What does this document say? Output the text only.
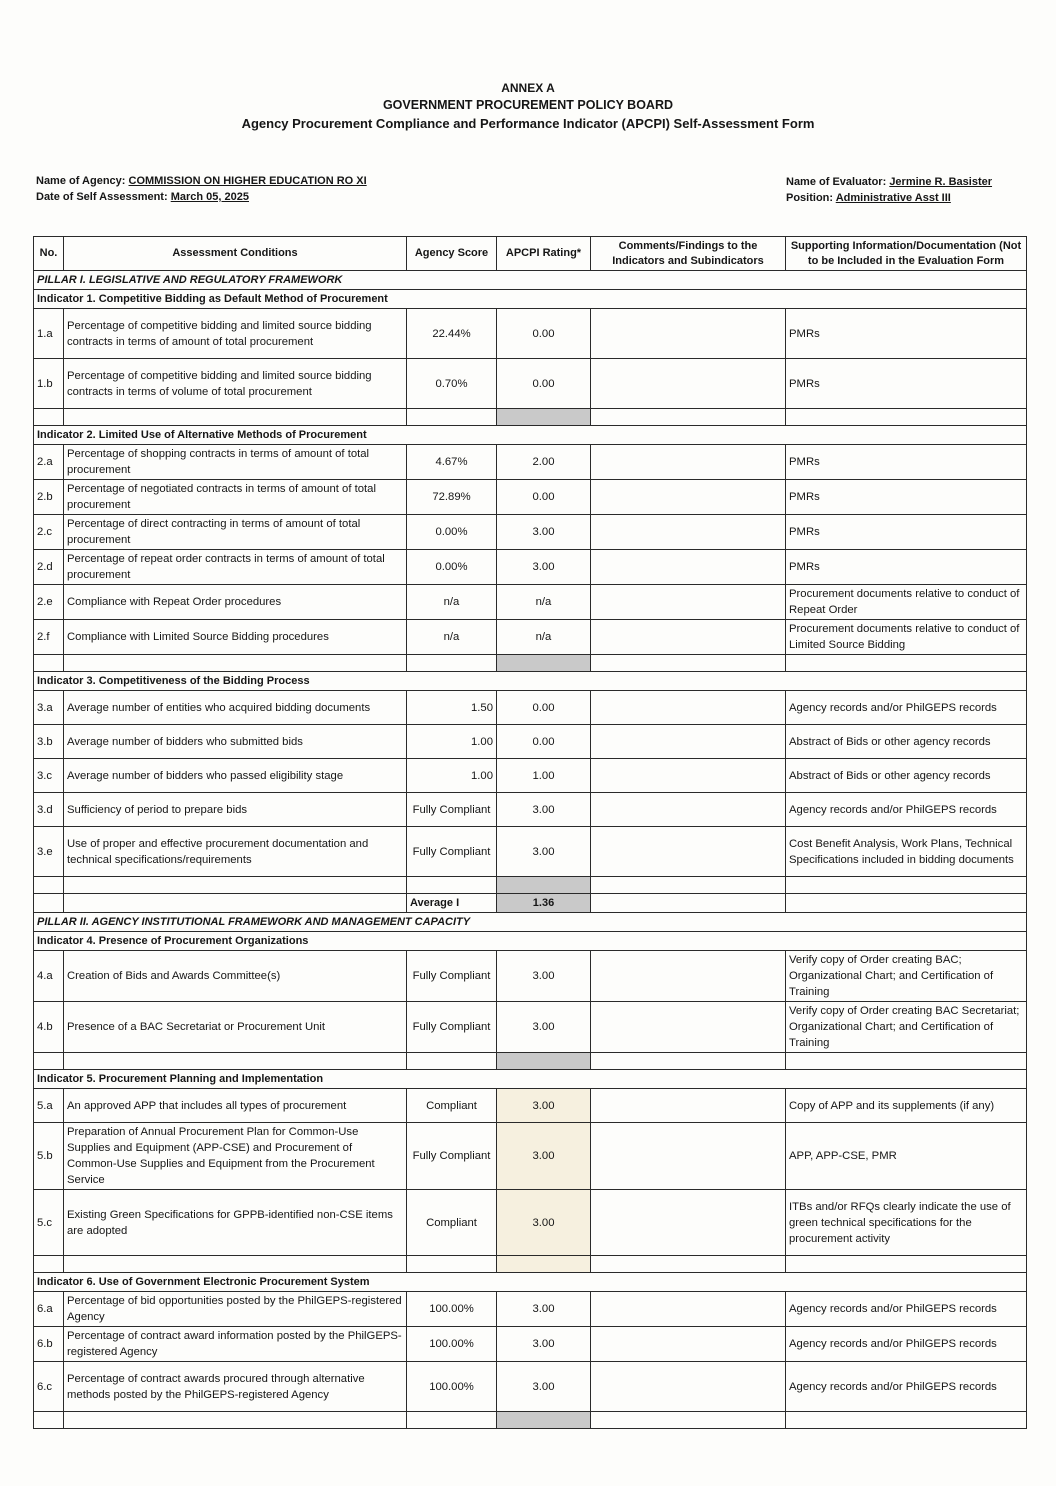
ANNEX A
GOVERNMENT PROCUREMENT POLICY BOARD
Agency Procurement Compliance and Performance Indicator (APCPI) Self-Assessment Form
Name of Agency: COMMISSION ON HIGHER EDUCATION RO XI
Date of Self Assessment: March 05, 2025
Name of Evaluator: Jermine R. Basister
Position: Administrative Asst III
No.	Assessment Conditions	Agency Score	APCPI Rating*	Comments/Findings to the Indicators and Subindicators	Supporting Information/Documentation (Not to be Included in the Evaluation Form
PILLAR I. LEGISLATIVE AND REGULATORY FRAMEWORK					
Indicator 1. Competitive Bidding as Default Method of Procurement					
1.a	Percentage of competitive bidding and limited source bidding contracts in terms of amount of total procurement	22.44%	0.00		PMRs
1.b	Percentage of competitive bidding and limited source bidding contracts in terms of volume of total procurement	0.70%	0.00		PMRs

Indicator 2. Limited Use of Alternative Methods of Procurement					
2.a	Percentage of shopping contracts in terms of amount of total procurement	4.67%	2.00		PMRs
2.b	Percentage of negotiated contracts in terms of amount of total procurement	72.89%	0.00		PMRs
2.c	Percentage of direct contracting in terms of amount of total procurement	0.00%	3.00		PMRs
2.d	Percentage of repeat order contracts in terms of amount of total procurement	0.00%	3.00		PMRs
2.e	Compliance with Repeat Order procedures	n/a	n/a		Procurement documents relative to conduct of Repeat Order
2.f	Compliance with Limited Source Bidding procedures	n/a	n/a		Procurement documents relative to conduct of Limited Source Bidding

Indicator 3. Competitiveness of the Bidding Process					
3.a	Average number of entities who acquired bidding documents	1.50	0.00		Agency records and/or PhilGEPS records
3.b	Average number of bidders who submitted bids	1.00	0.00		Abstract of Bids or other agency records
3.c	Average number of bidders who passed eligibility stage	1.00	1.00		Abstract of Bids or other agency records
3.d	Sufficiency of period to prepare bids	Fully Compliant	3.00		Agency records and/or PhilGEPS records
3.e	Use of proper and effective procurement documentation and technical specifications/requirements	Fully Compliant	3.00		Cost Benefit Analysis, Work Plans, Technical Specifications included in bidding documents

		Average I	1.36		
PILLAR II. AGENCY INSTITUTIONAL FRAMEWORK AND MANAGEMENT CAPACITY					
Indicator 4. Presence of Procurement Organizations					
4.a	Creation of Bids and Awards Committee(s)	Fully Compliant	3.00		Verify copy of Order creating BAC; Organizational Chart; and Certification of Training
4.b	Presence of a BAC Secretariat or Procurement Unit	Fully Compliant	3.00		Verify copy of Order creating BAC Secretariat; Organizational Chart; and Certification of Training

Indicator 5. Procurement Planning and Implementation					
5.a	An approved APP that includes all types of procurement	Compliant	3.00		Copy of APP and its supplements (if any)
5.b	Preparation of Annual Procurement Plan for Common-Use Supplies and Equipment (APP-CSE) and Procurement of Common-Use Supplies and Equipment from the Procurement Service	Fully Compliant	3.00		APP, APP-CSE, PMR
5.c	Existing Green Specifications for GPPB-identified non-CSE items are adopted	Compliant	3.00		ITBs and/or RFQs clearly indicate the use of green technical specifications for the procurement activity

Indicator 6. Use of Government Electronic Procurement System					
6.a	Percentage of bid opportunities posted by the PhilGEPS-registered Agency	100.00%	3.00		Agency records and/or PhilGEPS records
6.b	Percentage of contract award information posted by the PhilGEPS-registered Agency	100.00%	3.00		Agency records and/or PhilGEPS records
6.c	Percentage of contract awards procured through alternative methods posted by the PhilGEPS-registered Agency	100.00%	3.00		Agency records and/or PhilGEPS records
